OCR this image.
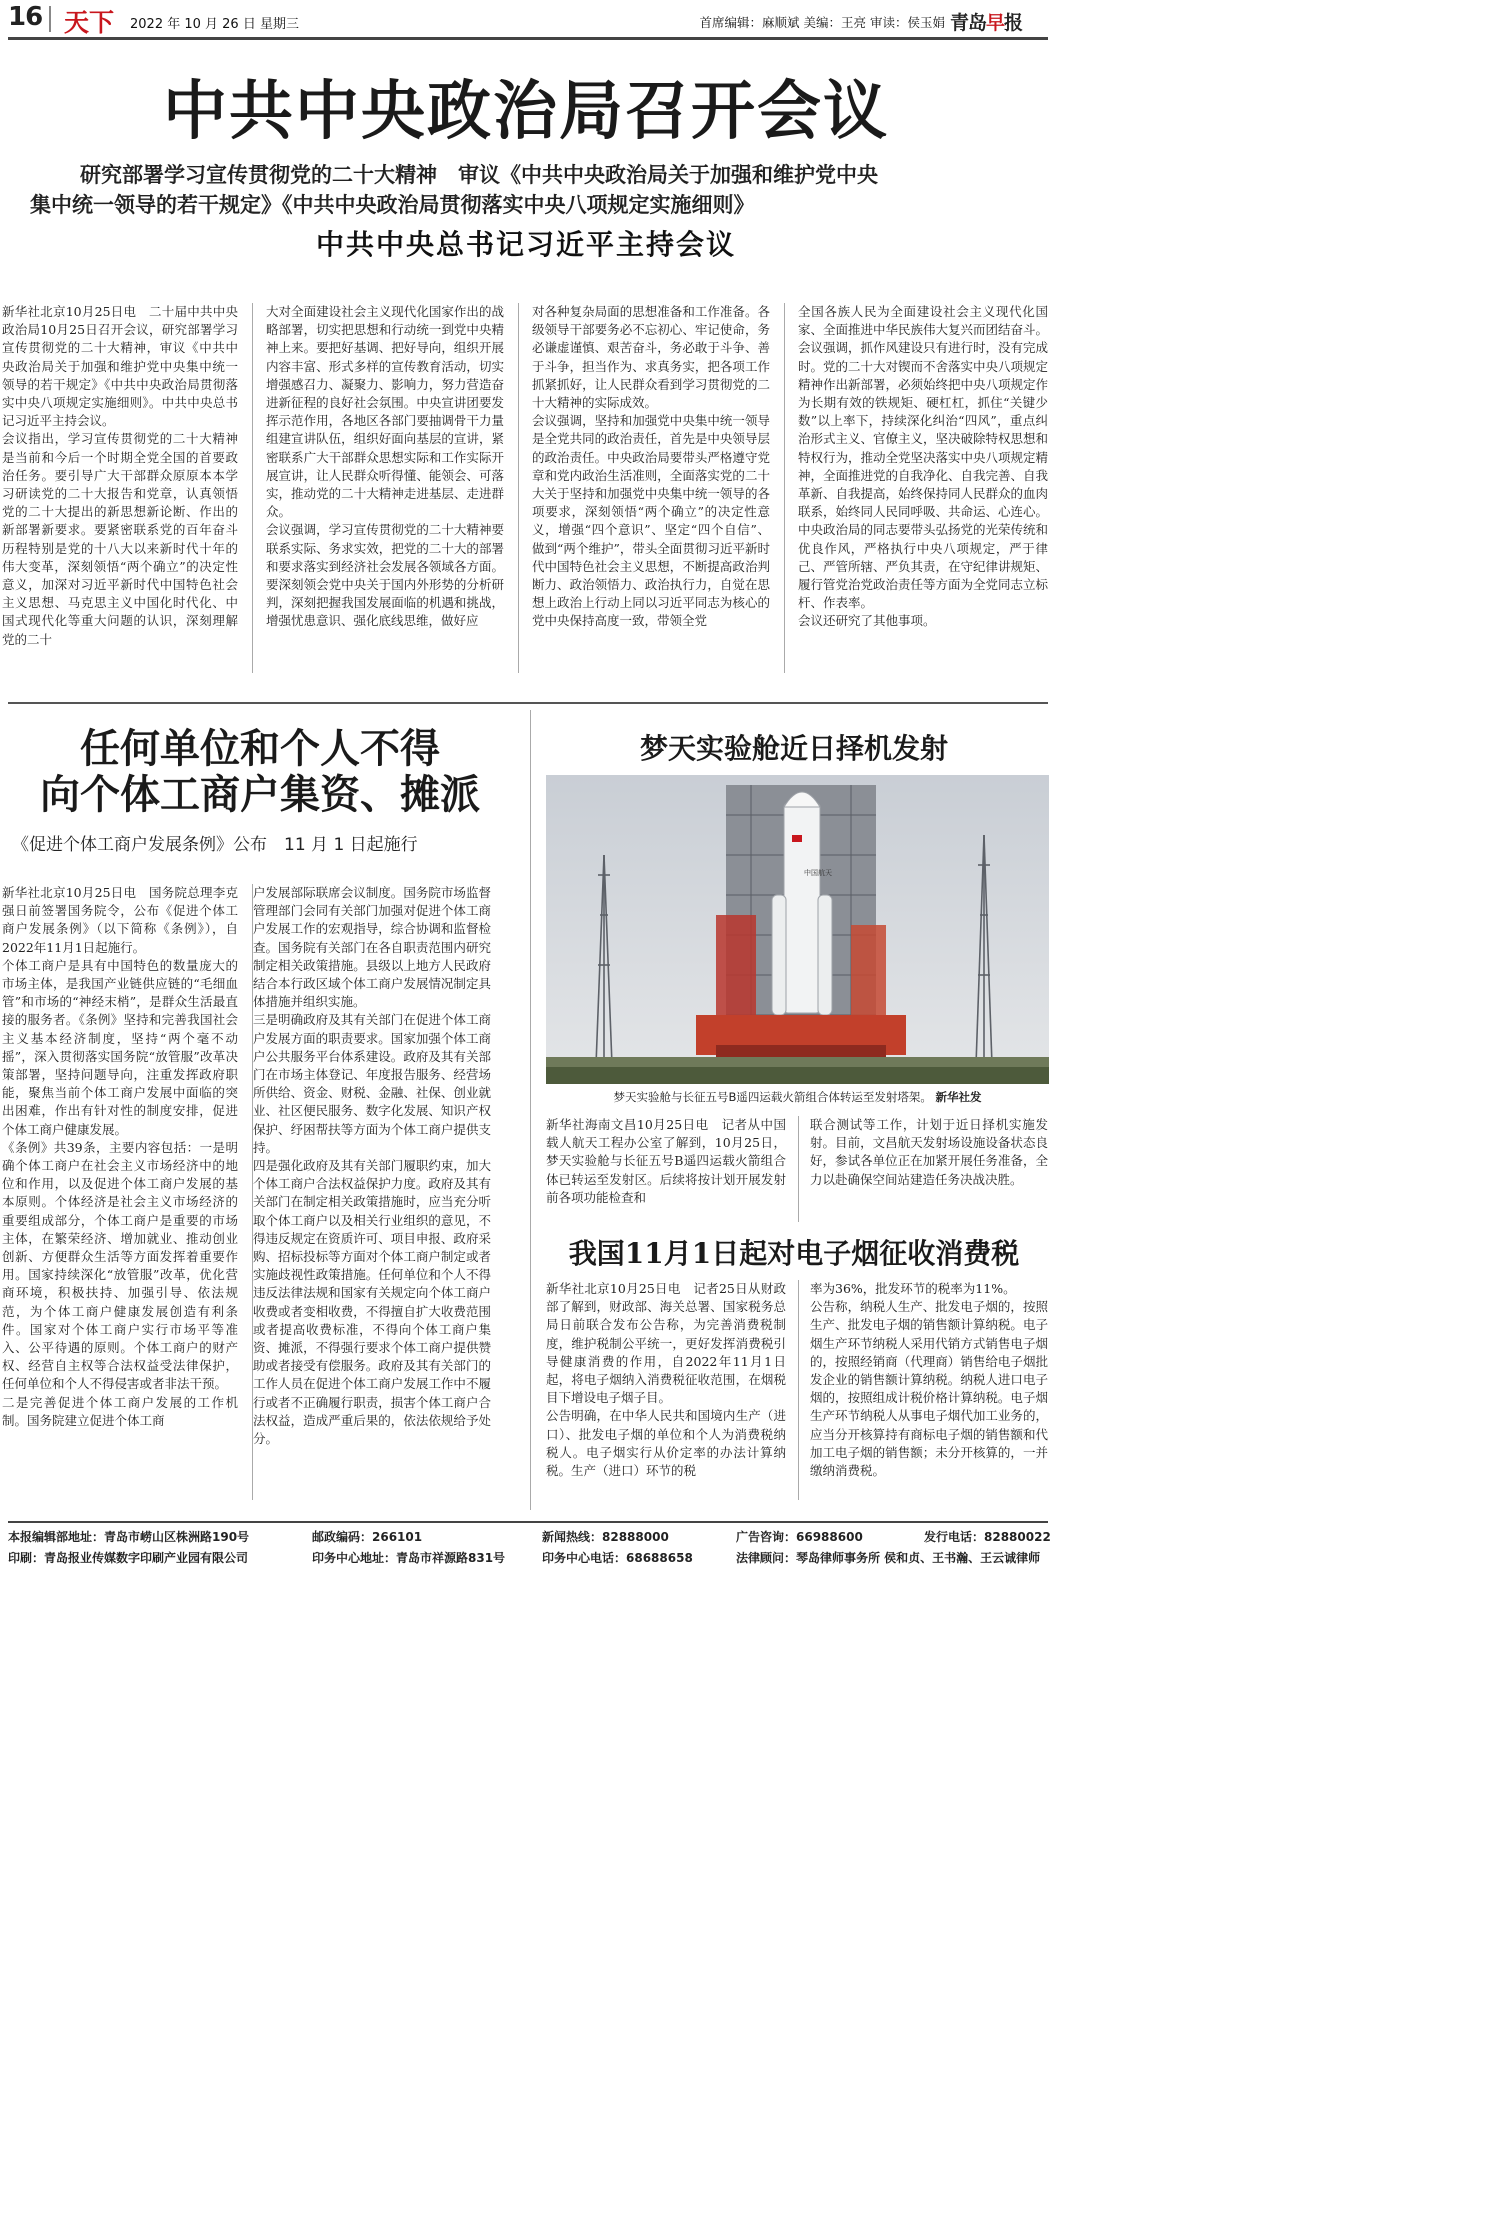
16 天下 2022 年 10 月 26 日 星期三	首席编辑：麻顺斌 美编：王亮 审读：侯玉娟 青岛早报
中共中央政治局召开会议
研究部署学习宣传贯彻党的二十大精神　审议《中共中央政治局关于加强和维护党中央
集中统一领导的若干规定》《中共中央政治局贯彻落实中央八项规定实施细则》
中共中央总书记习近平主持会议
新华社北京10月25日电　二十届中共中央政治局10月25日召开会议，研究部署学习宣传贯彻党的二十大精神，审议《中共中央政治局关于加强和维护党中央集中统一领导的若干规定》《中共中央政治局贯彻落实中央八项规定实施细则》。中共中央总书记习近平主持会议。
会议指出，学习宣传贯彻党的二十大精神是当前和今后一个时期全党全国的首要政治任务。要引导广大干部群众原原本本学习研读党的二十大报告和党章，认真领悟党的二十大提出的新思想新论断、作出的新部署新要求。要紧密联系党的百年奋斗历程特别是党的十八大以来新时代十年的伟大变革，深刻领悟“两个确立”的决定性意义，加深对习近平新时代中国特色社会主义思想、马克思主义中国化时代化、中国式现代化等重大问题的认识，深刻理解党的二十
大对全面建设社会主义现代化国家作出的战略部署，切实把思想和行动统一到党中央精神上来。要把好基调、把好导向，组织开展内容丰富、形式多样的宣传教育活动，切实增强感召力、凝聚力、影响力，努力营造奋进新征程的良好社会氛围。中央宣讲团要发挥示范作用，各地区各部门要抽调骨干力量组建宣讲队伍，组织好面向基层的宣讲，紧密联系广大干部群众思想实际和工作实际开展宣讲，让人民群众听得懂、能领会、可落实，推动党的二十大精神走进基层、走进群众。
会议强调，学习宣传贯彻党的二十大精神要联系实际、务求实效，把党的二十大的部署和要求落实到经济社会发展各领域各方面。要深刻领会党中央关于国内外形势的分析研判，深刻把握我国发展面临的机遇和挑战，增强忧患意识、强化底线思维，做好应
对各种复杂局面的思想准备和工作准备。各级领导干部要务必不忘初心、牢记使命，务必谦虚谨慎、艰苦奋斗，务必敢于斗争、善于斗争，担当作为、求真务实，把各项工作抓紧抓好，让人民群众看到学习贯彻党的二十大精神的实际成效。
会议强调，坚持和加强党中央集中统一领导是全党共同的政治责任，首先是中央领导层的政治责任。中央政治局要带头严格遵守党章和党内政治生活准则，全面落实党的二十大关于坚持和加强党中央集中统一领导的各项要求，深刻领悟“两个确立”的决定性意义，增强“四个意识”、坚定“四个自信”、做到“两个维护”，带头全面贯彻习近平新时代中国特色社会主义思想，不断提高政治判断力、政治领悟力、政治执行力，自觉在思想上政治上行动上同以习近平同志为核心的党中央保持高度一致，带领全党
全国各族人民为全面建设社会主义现代化国家、全面推进中华民族伟大复兴而团结奋斗。
会议强调，抓作风建设只有进行时，没有完成时。党的二十大对锲而不舍落实中央八项规定精神作出新部署，必须始终把中央八项规定作为长期有效的铁规矩、硬杠杠，抓住“关键少数”以上率下，持续深化纠治“四风”，重点纠治形式主义、官僚主义，坚决破除特权思想和特权行为，推动全党坚决落实中央八项规定精神，全面推进党的自我净化、自我完善、自我革新、自我提高，始终保持同人民群众的血肉联系，始终同人民同呼吸、共命运、心连心。中央政治局的同志要带头弘扬党的光荣传统和优良作风，严格执行中央八项规定，严于律己、严管所辖、严负其责，在守纪律讲规矩、履行管党治党政治责任等方面为全党同志立标杆、作表率。
会议还研究了其他事项。
任何单位和个人不得
向个体工商户集资、摊派
《促进个体工商户发展条例》公布　11 月 1 日起施行
新华社北京10月25日电　国务院总理李克强日前签署国务院令，公布《促进个体工商户发展条例》（以下简称《条例》），自2022年11月1日起施行。
个体工商户是具有中国特色的数量庞大的市场主体，是我国产业链供应链的“毛细血管”和市场的“神经末梢”，是群众生活最直接的服务者。《条例》坚持和完善我国社会主义基本经济制度，坚持“两个毫不动摇”，深入贯彻落实国务院“放管服”改革决策部署，坚持问题导向，注重发挥政府职能，聚焦当前个体工商户发展中面临的突出困难，作出有针对性的制度安排，促进个体工商户健康发展。
《条例》共39条，主要内容包括：一是明确个体工商户在社会主义市场经济中的地位和作用，以及促进个体工商户发展的基本原则。个体经济是社会主义市场经济的重要组成部分，个体工商户是重要的市场主体，在繁荣经济、增加就业、推动创业创新、方便群众生活等方面发挥着重要作用。国家持续深化“放管服”改革，优化营商环境，积极扶持、加强引导、依法规范，为个体工商户健康发展创造有利条件。国家对个体工商户实行市场平等准入、公平待遇的原则。个体工商户的财产权、经营自主权等合法权益受法律保护，任何单位和个人不得侵害或者非法干预。
二是完善促进个体工商户发展的工作机制。国务院建立促进个体工商
户发展部际联席会议制度。国务院市场监督管理部门会同有关部门加强对促进个体工商户发展工作的宏观指导，综合协调和监督检查。国务院有关部门在各自职责范围内研究制定相关政策措施。县级以上地方人民政府结合本行政区域个体工商户发展情况制定具体措施并组织实施。
三是明确政府及其有关部门在促进个体工商户发展方面的职责要求。国家加强个体工商户公共服务平台体系建设。政府及其有关部门在市场主体登记、年度报告服务、经营场所供给、资金、财税、金融、社保、创业就业、社区便民服务、数字化发展、知识产权保护、纾困帮扶等方面为个体工商户提供支持。
四是强化政府及其有关部门履职约束，加大个体工商户合法权益保护力度。政府及其有关部门在制定相关政策措施时，应当充分听取个体工商户以及相关行业组织的意见，不得违反规定在资质许可、项目申报、政府采购、招标投标等方面对个体工商户制定或者实施歧视性政策措施。任何单位和个人不得违反法律法规和国家有关规定向个体工商户收费或者变相收费，不得擅自扩大收费范围或者提高收费标准，不得向个体工商户集资、摊派，不得强行要求个体工商户提供赞助或者接受有偿服务。政府及其有关部门的工作人员在促进个体工商户发展工作中不履行或者不正确履行职责，损害个体工商户合法权益，造成严重后果的，依法依规给予处分。
梦天实验舱近日择机发射
中国航天
梦天实验舱与长征五号B遥四运载火箭组合体转运至发射塔架。 新华社发
新华社海南文昌10月25日电　记者从中国载人航天工程办公室了解到，10月25日，梦天实验舱与长征五号B遥四运载火箭组合体已转运至发射区。后续将按计划开展发射前各项功能检查和
联合测试等工作，计划于近日择机实施发射。目前，文昌航天发射场设施设备状态良好，参试各单位正在加紧开展任务准备，全力以赴确保空间站建造任务决战决胜。
我国11月1日起对电子烟征收消费税
新华社北京10月25日电　记者25日从财政部了解到，财政部、海关总署、国家税务总局日前联合发布公告称，为完善消费税制度，维护税制公平统一，更好发挥消费税引导健康消费的作用，自2022年11月1日起，将电子烟纳入消费税征收范围，在烟税目下增设电子烟子目。
公告明确，在中华人民共和国境内生产（进口）、批发电子烟的单位和个人为消费税纳税人。电子烟实行从价定率的办法计算纳税。生产（进口）环节的税
率为36%，批发环节的税率为11%。
公告称，纳税人生产、批发电子烟的，按照生产、批发电子烟的销售额计算纳税。电子烟生产环节纳税人采用代销方式销售电子烟的，按照经销商（代理商）销售给电子烟批发企业的销售额计算纳税。纳税人进口电子烟的，按照组成计税价格计算纳税。电子烟生产环节纳税人从事电子烟代加工业务的，应当分开核算持有商标电子烟的销售额和代加工电子烟的销售额；未分开核算的，一并缴纳消费税。
本报编辑部地址：青岛市崂山区株洲路190号	邮政编码：266101	新闻热线：82888000	广告咨询：66988600	发行电话：82880022
印刷：青岛报业传媒数字印刷产业园有限公司	印务中心地址：青岛市祥源路831号	印务中心电话：68688658	法律顾问：琴岛律师事务所 侯和贞、王书瀚、王云诚律师
